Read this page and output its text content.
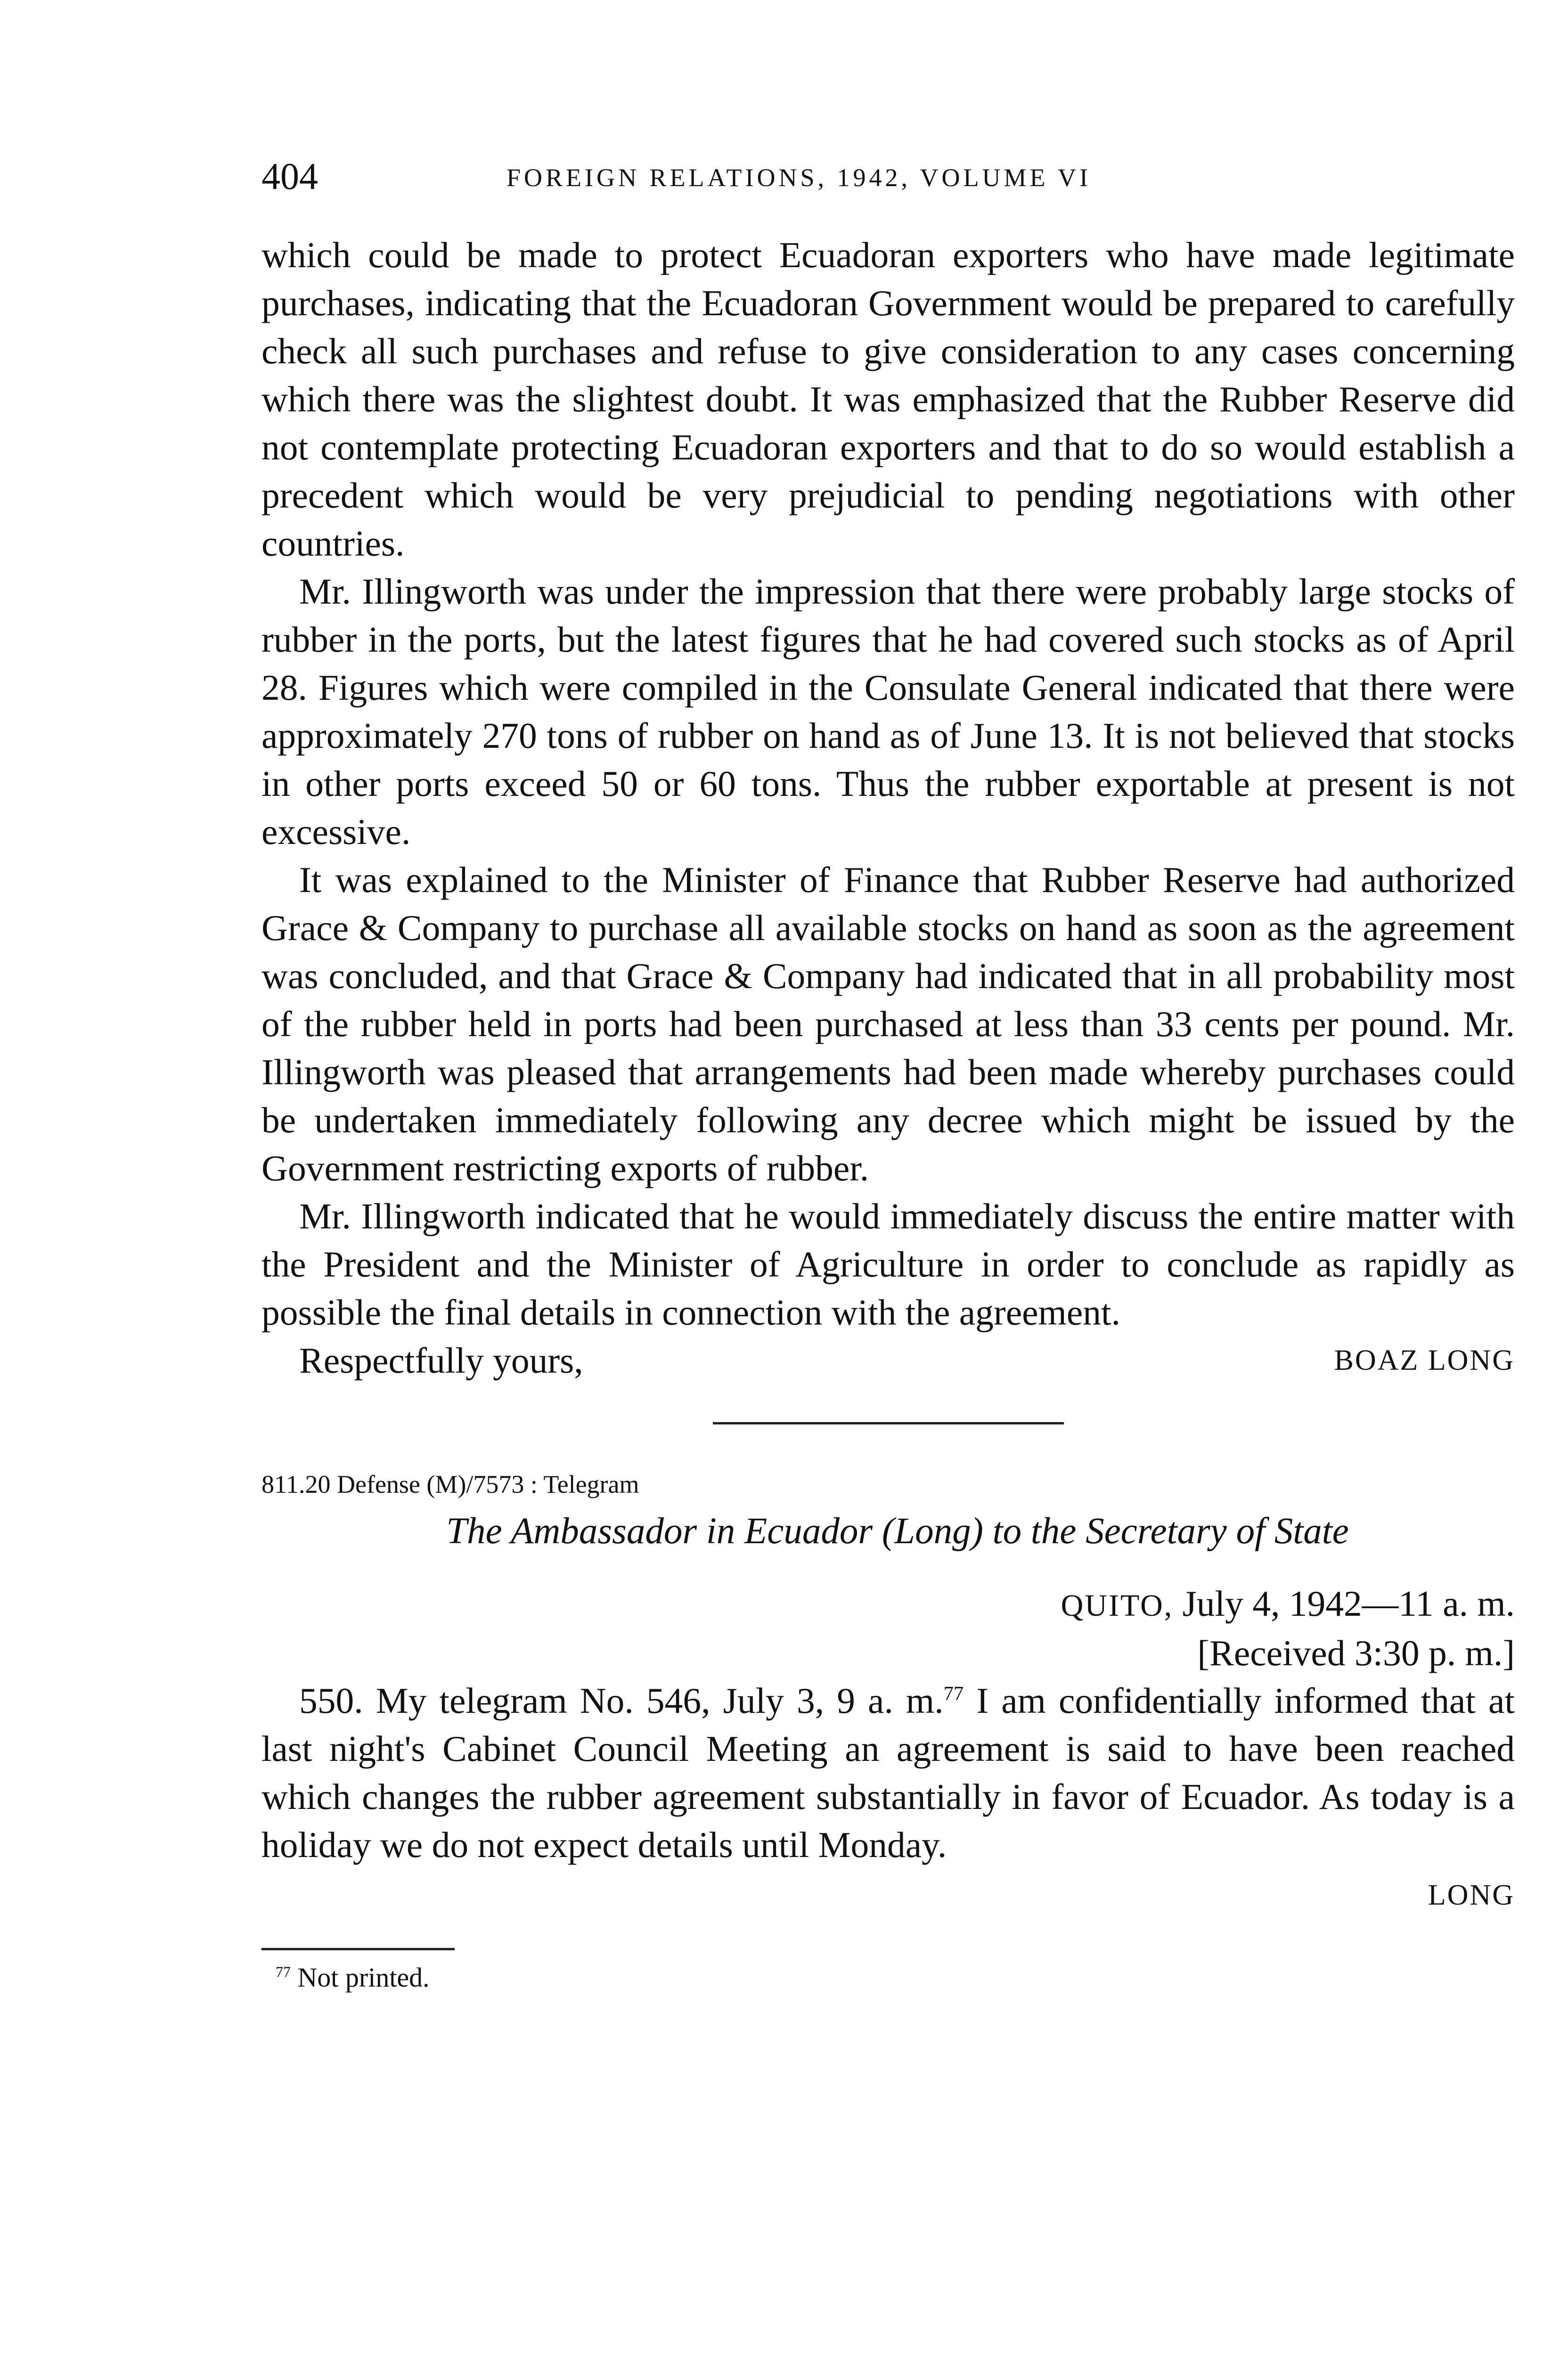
404	FOREIGN RELATIONS, 1942, VOLUME VI

which could be made to protect Ecuadoran exporters who have made legitimate purchases, indicating that the Ecuadoran Government would be prepared to carefully check all such purchases and refuse to give consideration to any cases concerning which there was the slightest doubt. It was emphasized that the Rubber Reserve did not contemplate protecting Ecuadoran exporters and that to do so would establish a precedent which would be very prejudicial to pending negotiations with other countries.

Mr. Illingworth was under the impression that there were probably large stocks of rubber in the ports, but the latest figures that he had covered such stocks as of April 28. Figures which were compiled in the Consulate General indicated that there were approximately 270 tons of rubber on hand as of June 13. It is not believed that stocks in other ports exceed 50 or 60 tons. Thus the rubber exportable at present is not excessive.

It was explained to the Minister of Finance that Rubber Reserve had authorized Grace & Company to purchase all available stocks on hand as soon as the agreement was concluded, and that Grace & Company had indicated that in all probability most of the rubber held in ports had been purchased at less than 33 cents per pound. Mr. Illingworth was pleased that arrangements had been made whereby purchases could be undertaken immediately following any decree which might be issued by the Government restricting exports of rubber.

Mr. Illingworth indicated that he would immediately discuss the entire matter with the President and the Minister of Agriculture in order to conclude as rapidly as possible the final details in connection with the agreement.

Respectfully yours,	BOAZ LONG
811.20 Defense (M)/7573 : Telegram
The Ambassador in Ecuador (Long) to the Secretary of State
QUITO, July 4, 1942—11 a. m.
[Received 3:30 p. m.]

550. My telegram No. 546, July 3, 9 a. m.$^{77}$ I am confidentially informed that at last night's Cabinet Council Meeting an agreement is said to have been reached which changes the rubber agreement substantially in favor of Ecuador. As today is a holiday we do not expect details until Monday.

LONG
$^{77}$ Not printed.
